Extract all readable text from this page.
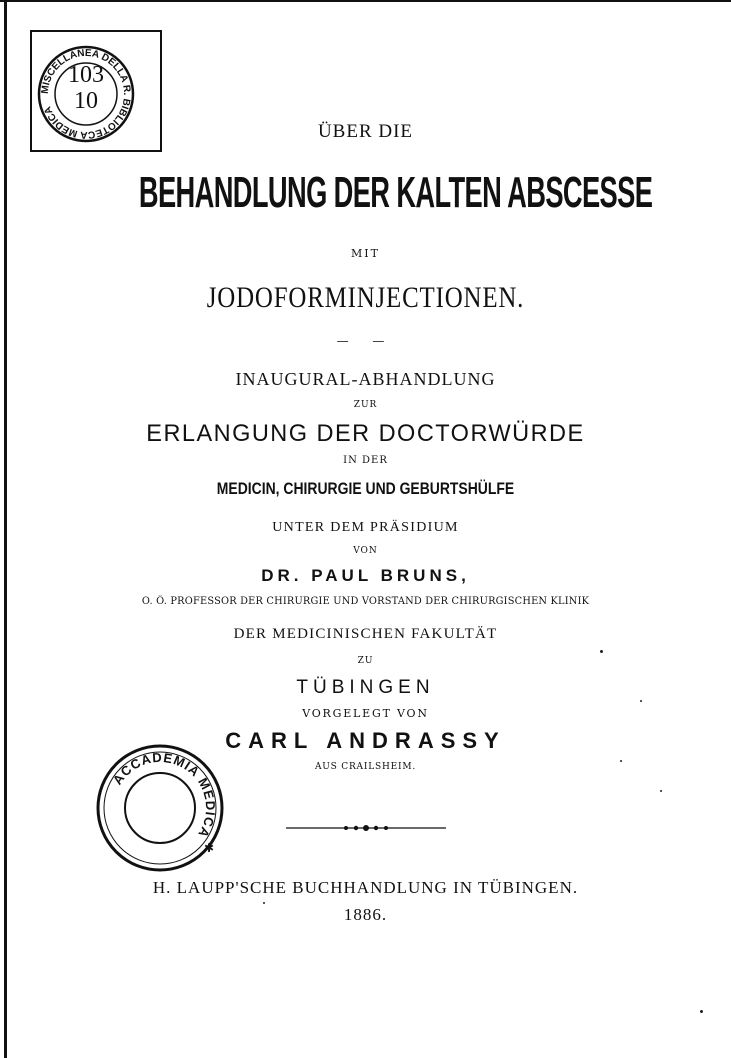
MISCELLANEA DELLA R. BIBLIOTECA MEDICA
103
10
ÜBER DIE
BEHANDLUNG DER KALTEN ABSCESSE
MIT
JODOFORMINJECTIONEN.
— —
INAUGURAL-ABHANDLUNG
ZUR
ERLANGUNG DER DOCTORWÜRDE
IN DER
MEDICIN, CHIRURGIE UND GEBURTSHÜLFE
UNTER DEM PRÄSIDIUM
VON
DR. PAUL BRUNS,
O. Ö. PROFESSOR DER CHIRURGIE UND VORSTAND DER CHIRURGISCHEN KLINIK
DER MEDICINISCHEN FAKULTÄT
ZU
TÜBINGEN
VORGELEGT VON
CARL ANDRASSY
AUS CRAILSHEIM.
ACCADEMIA MEDICA
✱
H. LAUPP'SCHE BUCHHANDLUNG IN TÜBINGEN.
1886.
